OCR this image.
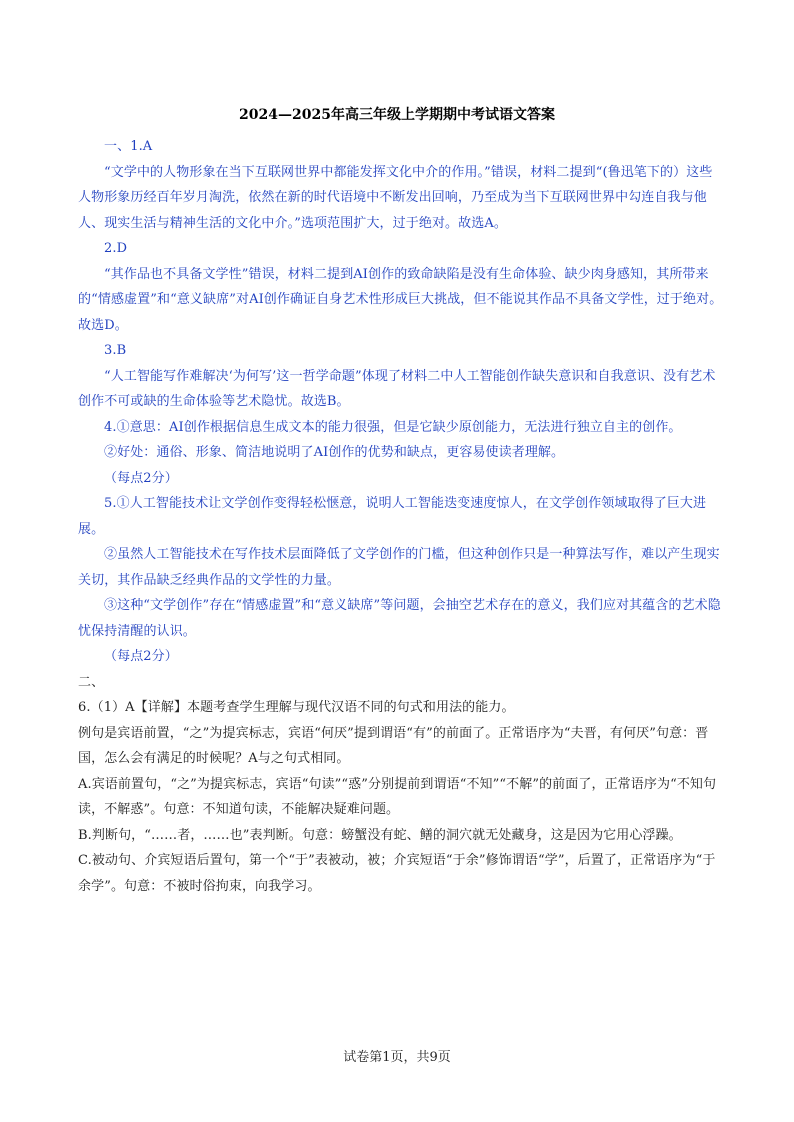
2024—2025年高三年级上学期期中考试语文答案

一、1.A

“文学中的人物形象在当下互联网世界中都能发挥文化中介的作用。”错误，材料二提到“(鲁迅笔下的）这些人物形象历经百年岁月淘洗，依然在新的时代语境中不断发出回响，乃至成为当下互联网世界中勾连自我与他人、现实生活与精神生活的文化中介。”选项范围扩大，过于绝对。故选A。

2.D

“其作品也不具备文学性”错误，材料二提到AI创作的致命缺陷是没有生命体验、缺少肉身感知，其所带来的“情感虚置”和“意义缺席”对AI创作确证自身艺术性形成巨大挑战，但不能说其作品不具备文学性，过于绝对。故选D。

3.B

“人工智能写作难解决‘为何写’这一哲学命题”体现了材料二中人工智能创作缺失意识和自我意识、没有艺术创作不可或缺的生命体验等艺术隐忧。故选B。

4.①意思：AI创作根据信息生成文本的能力很强，但是它缺少原创能力，无法进行独立自主的创作。

②好处：通俗、形象、简洁地说明了AI创作的优势和缺点，更容易使读者理解。

（每点2分）

5.①人工智能技术让文学创作变得轻松惬意，说明人工智能迭变速度惊人，在文学创作领域取得了巨大进展。

②虽然人工智能技术在写作技术层面降低了文学创作的门槛，但这种创作只是一种算法写作，难以产生现实关切，其作品缺乏经典作品的文学性的力量。

③这种“文学创作”存在“情感虚置”和“意义缺席”等问题，会抽空艺术存在的意义，我们应对其蕴含的艺术隐忧保持清醒的认识。

（每点2分）

二、

6.（1）A【详解】本题考查学生理解与现代汉语不同的句式和用法的能力。

例句是宾语前置，“之”为提宾标志，宾语“何厌”提到谓语“有”的前面了。正常语序为“夫晋，有何厌”句意：晋国，怎么会有满足的时候呢？A与之句式相同。

A.宾语前置句，“之”为提宾标志，宾语“句读”“惑”分别提前到谓语“不知”“不解”的前面了，正常语序为“不知句读，不解惑”。句意：不知道句读，不能解决疑难问题。

B.判断句，“……者，……也”表判断。句意：螃蟹没有蛇、鳝的洞穴就无处藏身，这是因为它用心浮躁。

C.被动句、介宾短语后置句，第一个“于”表被动，被；介宾短语“于余”修饰谓语“学”，后置了，正常语序为“于余学”。句意：不被时俗拘束，向我学习。

试卷第1页，共9页
